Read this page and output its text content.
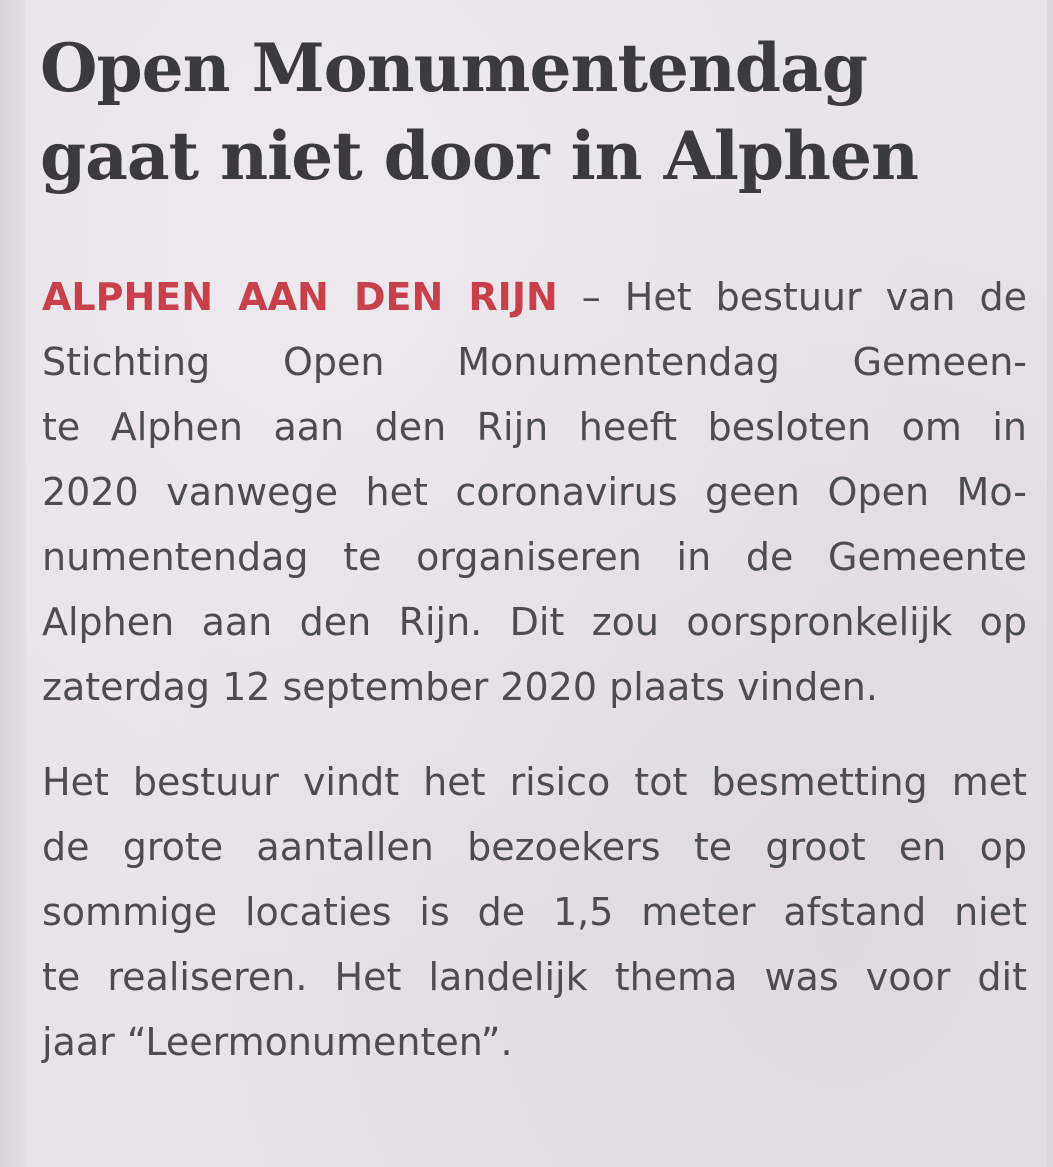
Open Monumentendag
gaat niet door in Alphen
ALPHEN AAN DEN RIJN – Het bestuur van de
Stichting Open Monumentendag Gemeen-
te Alphen aan den Rijn heeft besloten om in
2020 vanwege het coronavirus geen Open Mo-
numentendag te organiseren in de Gemeente
Alphen aan den Rijn. Dit zou oorspronkelijk op
zaterdag 12 september 2020 plaats vinden.
Het bestuur vindt het risico tot besmetting met
de grote aantallen bezoekers te groot en op
sommige locaties is de 1,5 meter afstand niet
te realiseren. Het landelijk thema was voor dit
jaar “Leermonumenten”.
